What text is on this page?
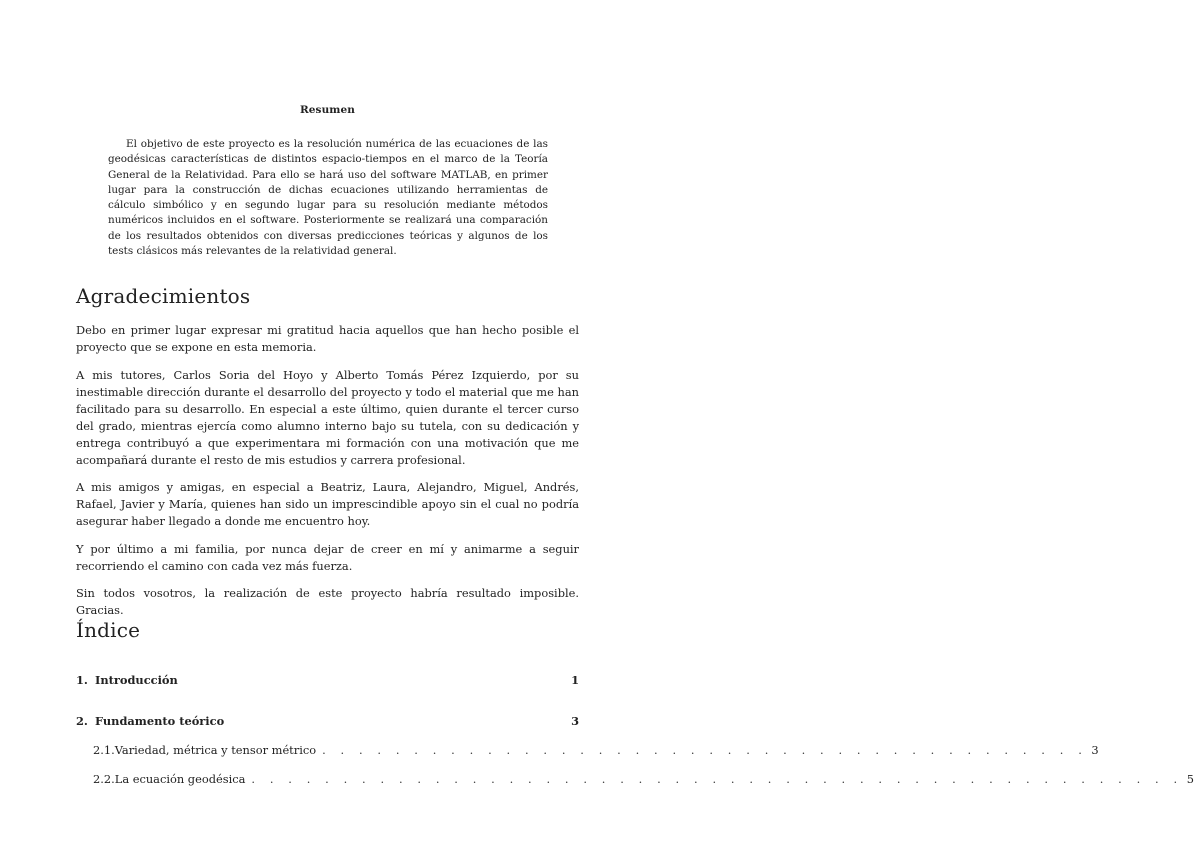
Resumen
El objetivo de este proyecto es la resolución numérica de las ecuaciones de las geodésicas características de distintos espacio-tiempos en el marco de la Teoría General de la Relatividad. Para ello se hará uso del software MATLAB, en primer lugar para la construcción de dichas ecuaciones utilizando herramientas de cálculo simbólico y en segundo lugar para su resolución mediante métodos numéricos incluidos en el software. Posteriormente se realizará una comparación de los resultados obtenidos con diversas predicciones teóricas y algunos de los tests clásicos más relevantes de la relatividad general.
Agradecimientos

Debo en primer lugar expresar mi gratitud hacia aquellos que han hecho posible el proyecto que se expone en esta memoria.

A mis tutores, Carlos Soria del Hoyo y Alberto Tomás Pérez Izquierdo, por su inestimable dirección durante el desarrollo del proyecto y todo el material que me han facilitado para su desarrollo. En especial a este último, quien durante el tercer curso del grado, mientras ejercía como alumno interno bajo su tutela, con su dedicación y entrega contribuyó a que experimentara mi formación con una motivación que me acompañará durante el resto de mis estudios y carrera profesional.

A mis amigos y amigas, en especial a Beatriz, Laura, Alejandro, Miguel, Andrés, Rafael, Javier y María, quienes han sido un imprescindible apoyo sin el cual no podría asegurar haber llegado a donde me encuentro hoy.

Y por último a mi familia, por nunca dejar de creer en mí y animarme a seguir recorriendo el camino con cada vez más fuerza.

Sin todos vosotros, la realización de este proyecto habría resultado imposible. Gracias.

Índice
1. Introducción	1
2. Fundamento teórico	3
2.1. Variedad, métrica y tensor métrico . . . . . . . . . . . . . . . . . . . . . . . . . . . . . . . . . . . . . . . . . . 3
2.2. La ecuación geodésica . . . . . . . . . . . . . . . . . . . . . . . . . . . . . . . . . . . . . . . . . . . . . . . . . . . 5
